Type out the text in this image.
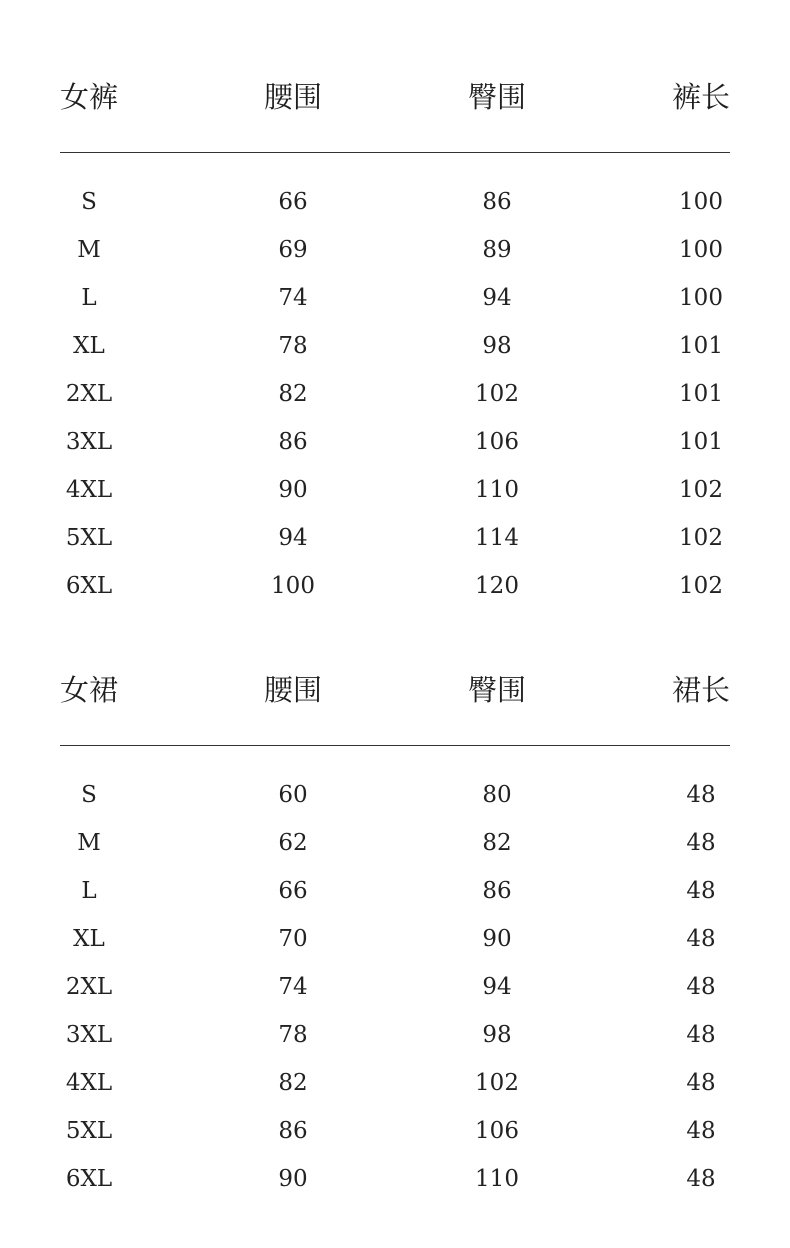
女裤	腰围	臀围	裤长
S	66	86	100
M	69	89	100
L	74	94	100
XL	78	98	101
2XL	82	102	101
3XL	86	106	101
4XL	90	110	102
5XL	94	114	102
6XL	100	120	102
女裙	腰围	臀围	裙长
S	60	80	48
M	62	82	48
L	66	86	48
XL	70	90	48
2XL	74	94	48
3XL	78	98	48
4XL	82	102	48
5XL	86	106	48
6XL	90	110	48
